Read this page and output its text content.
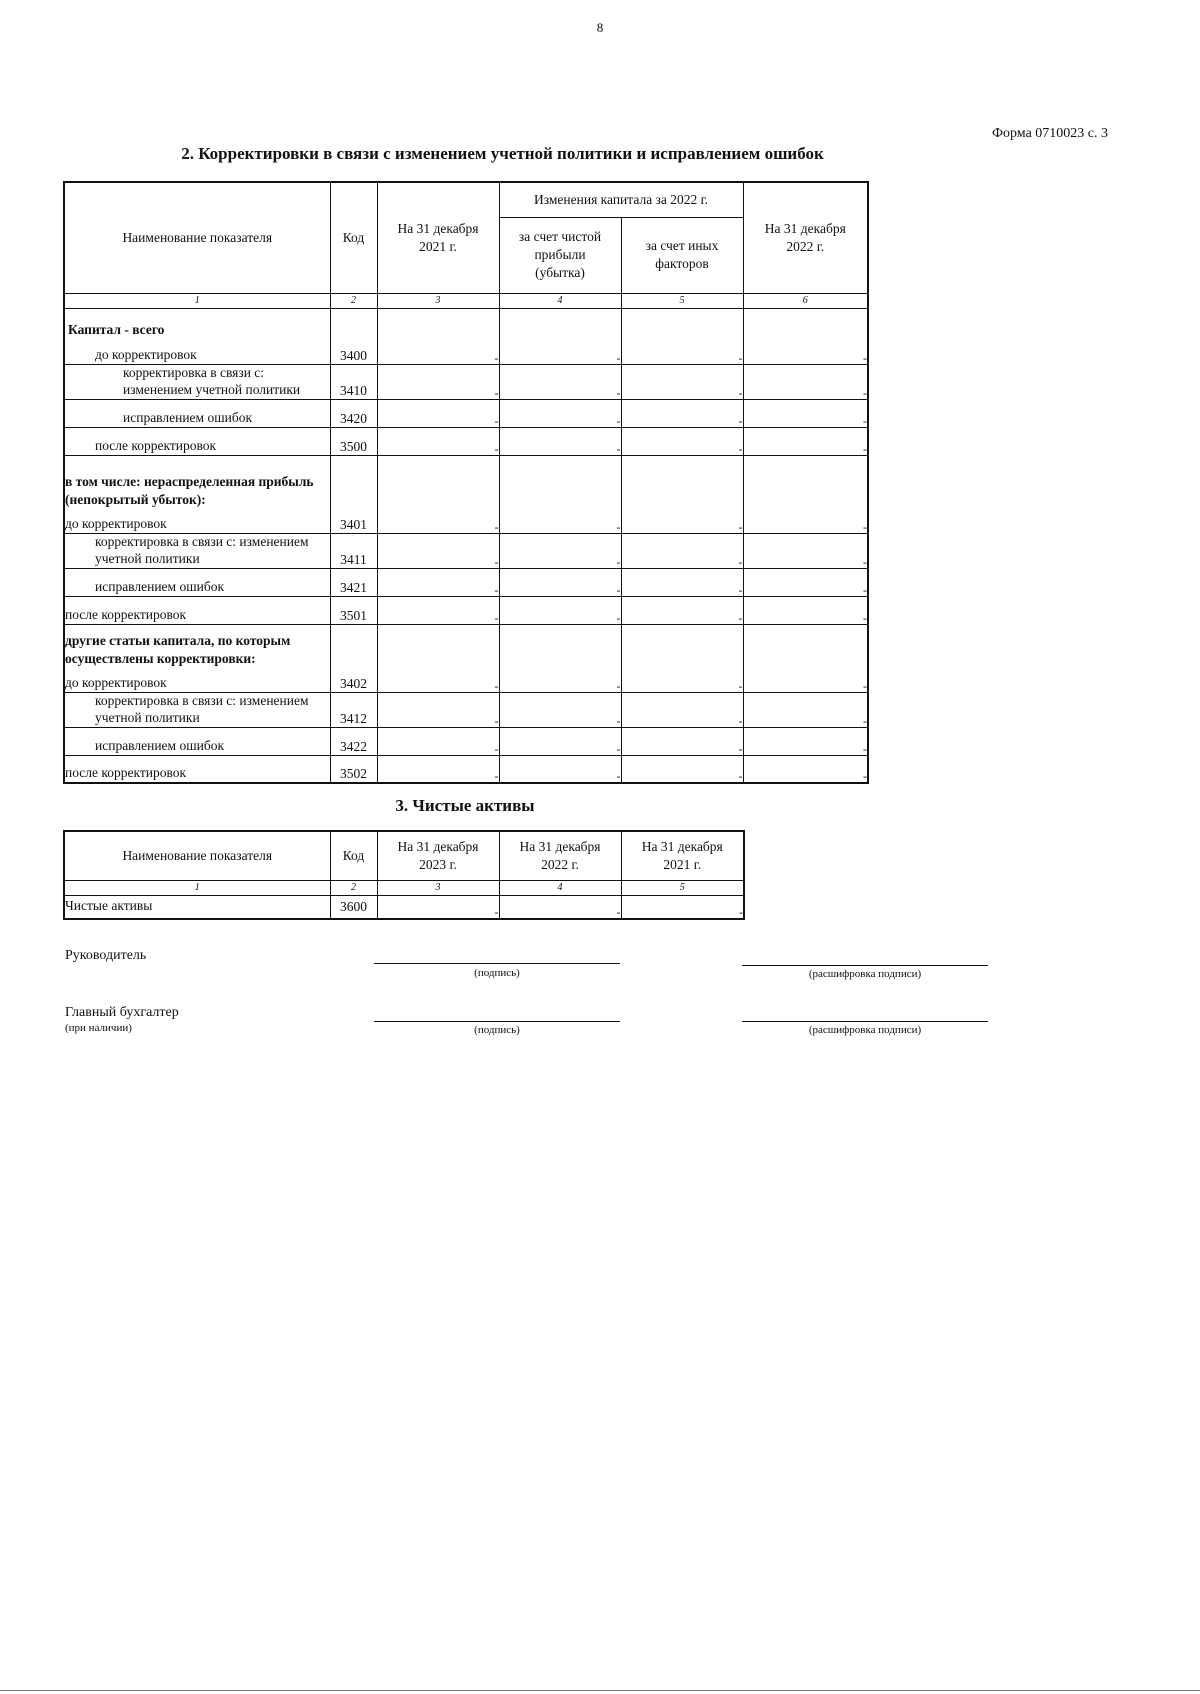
8
Форма 0710023 с. 3
2. Корректировки в связи с изменением учетной политики и исправлением ошибок
Наименование показателя	Код	На 31 декабря 2021 г.	Изменения капитала за 2022 г.		На 31 декабря 2022 г.
			за счет чистой прибыли (убытка)	за счет иных факторов	
1	2	3	4	5	6

Капитал - всего
до корректировок	3400	-	-	-	-
корректировка в связи с: изменением учетной политики	3410	-	-	-	-
исправлением ошибок	3420	-	-	-	-
после корректировок	3500	-	-	-	-

в том числе: нераспределенная прибыль (непокрытый убыток):
до корректировок	3401	-	-	-	-
корректировка в связи с: изменением учетной политики	3411	-	-	-	-
исправлением ошибок	3421	-	-	-	-
после корректировок	3501	-	-	-	-

другие статьи капитала, по которым осуществлены корректировки:
до корректировок	3402	-	-	-	-
корректировка в связи с: изменением учетной политики	3412	-	-	-	-
исправлением ошибок	3422	-	-	-	-
после корректировок	3502	-	-	-	-
3. Чистые активы
Наименование показателя	Код	На 31 декабря 2023 г.	На 31 декабря 2022 г.	На 31 декабря 2021 г.
1	2	3	4	5
Чистые активы	3600	-	-	-
Руководитель
(подпись)	(расшифровка подписи)
Главный бухгалтер
(при наличии)	(подпись)	(расшифровка подписи)
